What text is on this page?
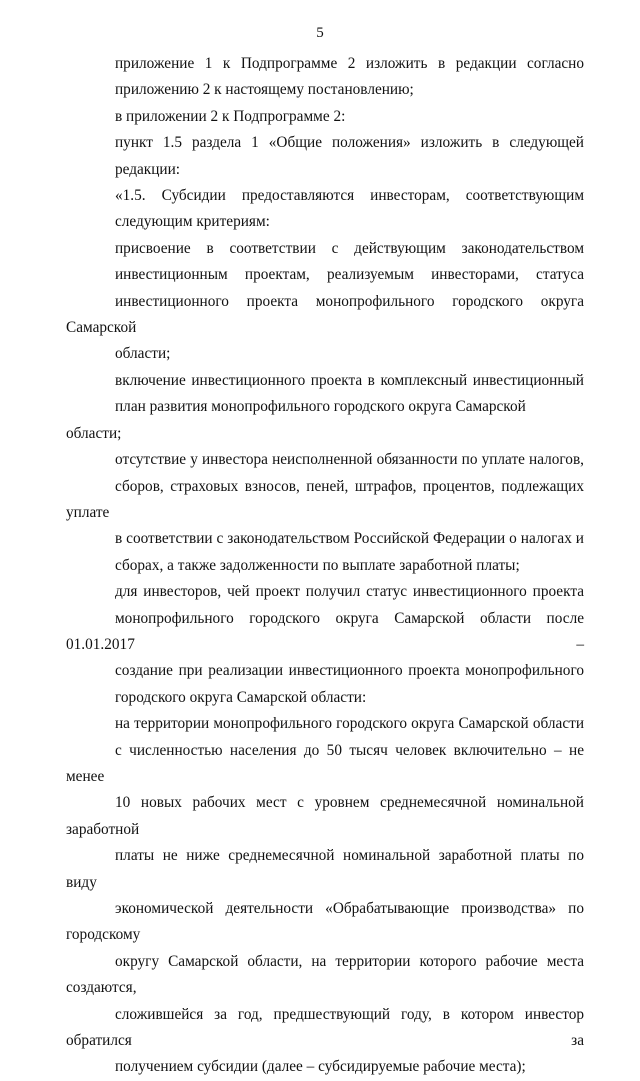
5

приложение 1 к Подпрограмме 2 изложить в редакции согласно
приложению 2 к настоящему постановлению;

в приложении 2 к Подпрограмме 2:

пункт 1.5 раздела 1 «Общие положения» изложить в следующей
редакции:

«1.5. Субсидии предоставляются инвесторам, соответствующим
следующим критериям:

присвоение в соответствии с действующим законодательством
инвестиционным проектам, реализуемым инвесторами, статуса
инвестиционного проекта монопрофильного городского округа Самарской
области;

включение инвестиционного проекта в комплексный инвестиционный
план развития монопрофильного городского округа Самарской области;

отсутствие у инвестора неисполненной обязанности по уплате налогов,
сборов, страховых взносов, пеней, штрафов, процентов, подлежащих уплате
в соответствии с законодательством Российской Федерации о налогах и
сборах, а также задолженности по выплате заработной платы;

для инвесторов, чей проект получил статус инвестиционного проекта
монопрофильного городского округа Самарской области после 01.01.2017 –
создание при реализации инвестиционного проекта монопрофильного
городского округа Самарской области:

на территории монопрофильного городского округа Самарской области
с численностью населения до 50 тысяч человек включительно – не менее
10 новых рабочих мест с уровнем среднемесячной номинальной заработной
платы не ниже среднемесячной номинальной заработной платы по виду
экономической деятельности «Обрабатывающие производства» по городскому
округу Самарской области, на территории которого рабочие места создаются,
сложившейся за год, предшествующий году, в котором инвестор обратился за
получением субсидии (далее – субсидируемые рабочие места);
